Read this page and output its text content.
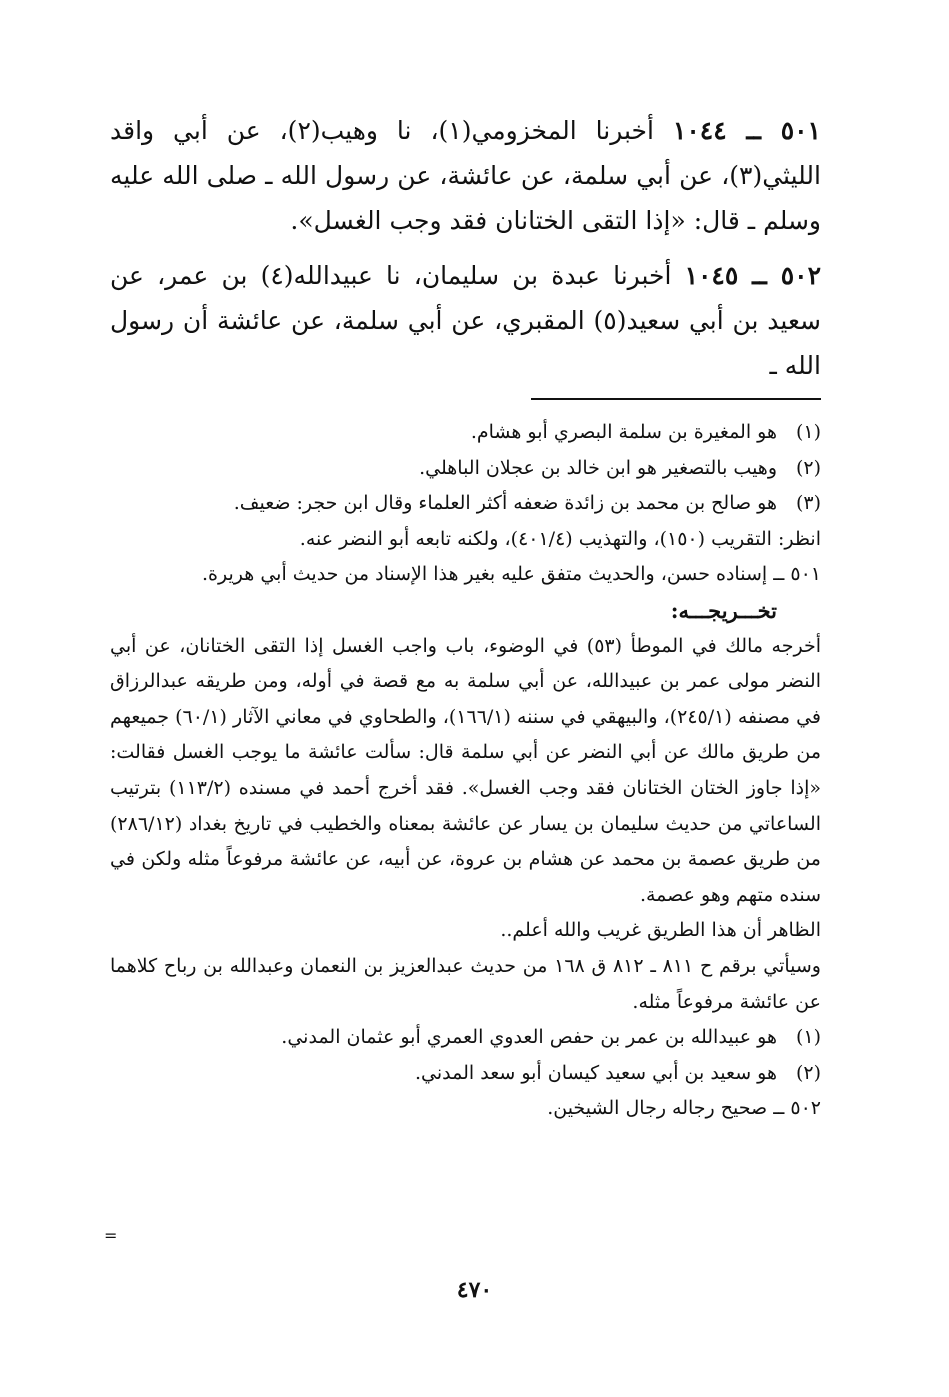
٥٠١ ــ ١٠٤٤ أخبرنا المخزومي(١)، نا وهيب(٢)، عن أبي واقد الليثي(٣)، عن أبي سلمة، عن عائشة، عن رسول الله ـ صلى الله عليه وسلم ـ قال: «إذا التقى الختانان فقد وجب الغسل».

٥٠٢ ــ ١٠٤٥ أخبرنا عبدة بن سليمان، نا عبيدالله(٤) بن عمر، عن سعيد بن أبي سعيد(٥) المقبري، عن أبي سلمة، عن عائشة أن رسول الله ـ

(١)
هو المغيرة بن سلمة البصري أبو هشام.

(٢)
وهيب بالتصغير هو ابن خالد بن عجلان الباهلي.

(٣)
هو صالح بن محمد بن زائدة ضعفه أكثر العلماء وقال ابن حجر: ضعيف.

انظر: التقريب (١٥٠)، والتهذيب (٤٠١/٤)، ولكنه تابعه أبو النضر عنه.

٥٠١ ــ إسناده حسن، والحديث متفق عليه بغير هذا الإسناد من حديث أبي هريرة.

تخـــريجـــه:

أخرجه مالك في الموطأ (٥٣) في الوضوء، باب واجب الغسل إذا التقى الختانان، عن أبي النضر مولى عمر بن عبيدالله، عن أبي سلمة به مع قصة في أوله، ومن طريقه عبدالرزاق في مصنفه (٢٤٥/١)، والبيهقي في سننه (١٦٦/١)، والطحاوي في معاني الآثار (٦٠/١) جميعهم من طريق مالك عن أبي النضر عن أبي سلمة قال: سألت عائشة ما يوجب الغسل فقالت: «إذا جاوز الختان الختانان فقد وجب الغسل». فقد أخرج أحمد في مسنده (١١٣/٢) بترتيب الساعاتي من حديث سليمان بن يسار عن عائشة بمعناه والخطيب في تاريخ بغداد (٢٨٦/١٢) من طريق عصمة بن محمد عن هشام بن عروة، عن أبيه، عن عائشة مرفوعاً مثله ولكن في سنده متهم وهو عصمة.

الظاهر أن هذا الطريق غريب والله أعلم..

وسيأتي برقم ح ٨١١ ـ ٨١٢ ق ١٦٨ من حديث عبدالعزيز بن النعمان وعبدالله بن رباح كلاهما عن عائشة مرفوعاً مثله.

(١)
هو عبيدالله بن عمر بن حفص العدوي العمري أبو عثمان المدني.

(٢)
هو سعيد بن أبي سعيد كيسان أبو سعد المدني.

٥٠٢ ــ صحيح رجاله رجال الشيخين.

=
٤٧٠
